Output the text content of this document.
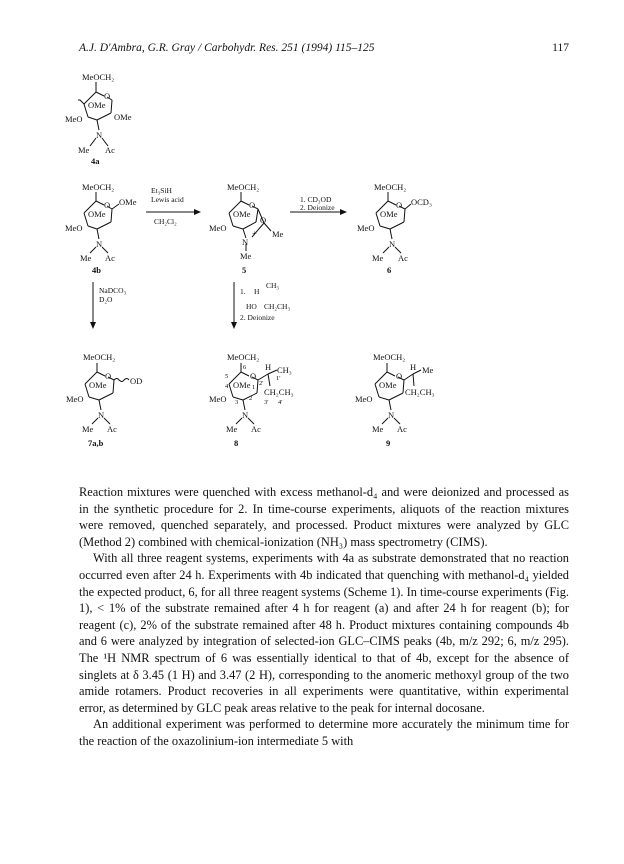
A.J. D'Ambra, G.R. Gray / Carbohydr. Res. 251 (1994) 115–125	117
MeOCH₂
O
OMe
OMe
MeO
N
Me Ac
4a
MeOCH₂
O OMe
OMe
MeO
N
Me Ac
4b
Et₃SiH
Lewis acid
CH₂Cl₂
MeOCH₂
O
OMe
MeO
O
+ Me
N
Me
5
1. CD₃OD
2. Deionize
MeOCH₂
O OCD₃
OMe
MeO
N
Me Ac
6
NaDCO₃
D₂O
1. H
CH₃
HO CH₂CH₃
2. Deionize
MeOCH₂
O
OMe	OD
MeO
N
Me Ac
7a,b
MeOCH₂
O
OMe
MeO
H CH₃
CH₂CH₃
N
Me Ac
8
6
5
4
3
2
1
1'
2'
3' 4'
MeOCH₂
O
OMe
MeO
H Me
CH₂CH₃
N
Me Ac
9

Reaction mixtures were quenched with excess methanol-d₄ and were deionized and processed as in the synthetic procedure for 2. In time-course experiments, aliquots of the reaction mixtures were removed, quenched separately, and processed. Product mixtures were analyzed by GLC (Method 2) combined with chemical-ionization (NH₃) mass spectrometry (CIMS).

With all three reagent systems, experiments with 4a as substrate demonstrated that no reaction occurred even after 24 h. Experiments with 4b indicated that quenching with methanol-d₄ yielded the expected product, 6, for all three reagent systems (Scheme 1). In time-course experiments (Fig. 1), < 1% of the substrate remained after 4 h for reagent (a) and after 24 h for reagent (b); for reagent (c), 2% of the substrate remained after 48 h. Product mixtures containing compounds 4b and 6 were analyzed by integration of selected-ion GLC–CIMS peaks (4b, m/z 292; 6, m/z 295). The ¹H NMR spectrum of 6 was essentially identical to that of 4b, except for the absence of singlets at δ 3.45 (1 H) and 3.47 (2 H), corresponding to the anomeric methoxyl group of the two amide rotamers. Product recoveries in all experiments were quantitative, within experimental error, as determined by GLC peak areas relative to the peak for internal docosane.

An additional experiment was performed to determine more accurately the minimum time for the reaction of the oxazolinium-ion intermediate 5 with
